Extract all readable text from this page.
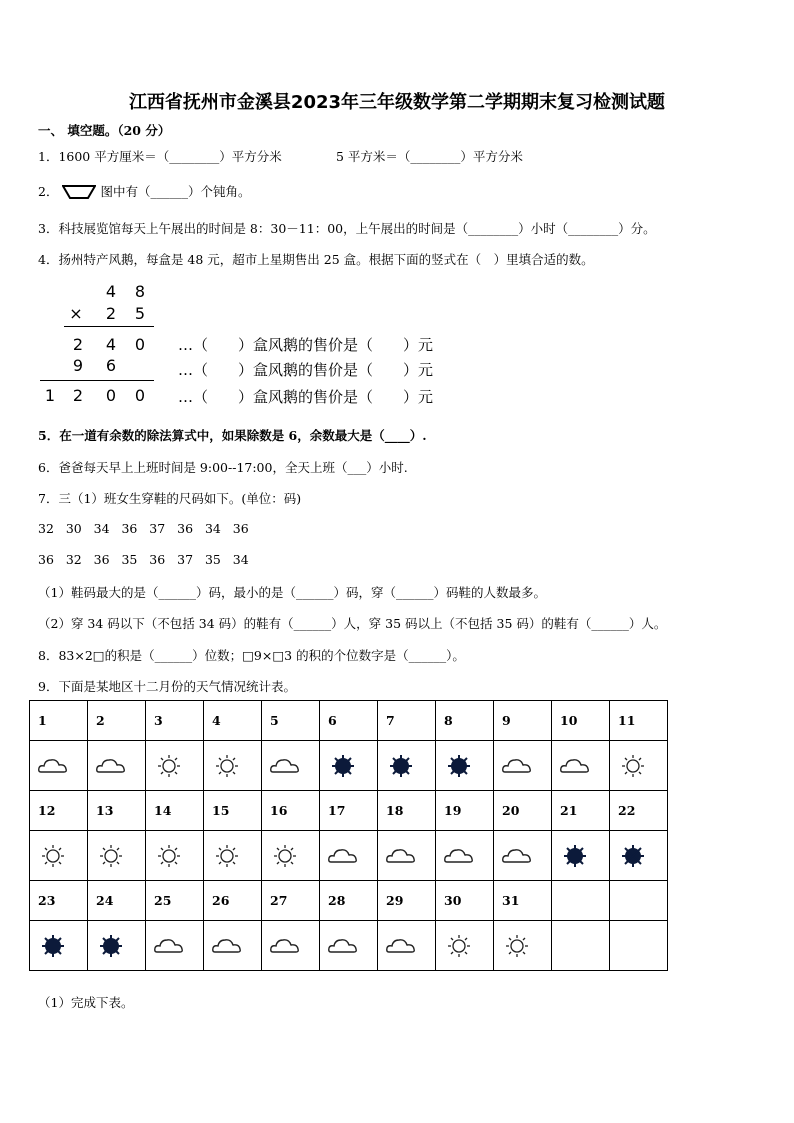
江西省抚州市金溪县2023年三年级数学第二学期期末复习检测试题
一、 填空题。（20 分）
1．1600 平方厘米＝（________）平方分米	5 平方米＝（________）平方分米
2．	图中有（______）个钝角。
3．科技展览馆每天上午展出的时间是 8：30－11：00，上午展出的时间是（________）小时（________）分。
4．扬州特产风鹅，每盒是 48 元，超市上星期售出 25 盒。根据下面的竖式在（　）里填合适的数。
4 8
× 2 5
2 4 0
9 6
1 2 0 0
…（　　）盒风鹅的售价是（　　）元
…（　　）盒风鹅的售价是（　　）元
…（　　）盒风鹅的售价是（　　）元
5．在一道有余数的除法算式中，如果除数是 6，余数最大是（____）.
6．爸爸每天早上上班时间是 9:00--17:00，全天上班（___）小时.
7．三（1）班女生穿鞋的尺码如下。(单位：码)
32   30   34   36   37   36   34   36
36   32   36   35   36   37   35   34
（1）鞋码最大的是（______）码，最小的是（______）码，穿（______）码鞋的人数最多。
（2）穿 34 码以下（不包括 34 码）的鞋有（______）人，穿 35 码以上（不包括 35 码）的鞋有（______）人。
8．83×2□的积是（______）位数；□9×□3 的积的个位数字是（______）。
9．下面是某地区十二月份的天气情况统计表。
1	2	3	4	5	6	7	8	9	10	11

12	13	14	15	16	17	18	19	20	21	22

23	24	25	26	27	28	29	30	31		

（1）完成下表。
